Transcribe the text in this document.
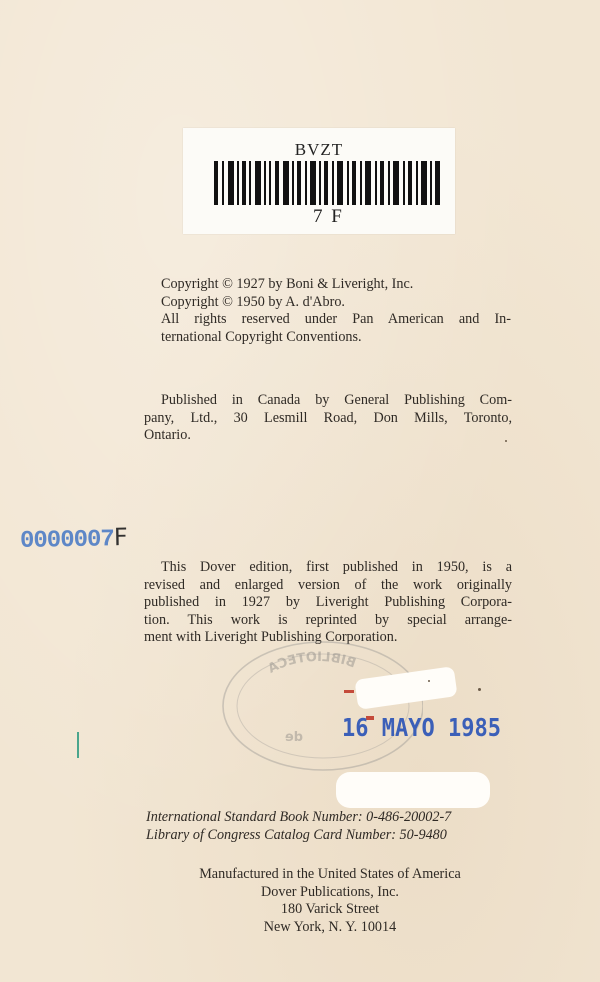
BVZT
7 F

Copyright © 1927 by Boni & Liveright, Inc.

Copyright © 1950 by A. d'Abro.

All rights reserved under Pan American and In-

ternational Copyright Conventions.

Published in Canada by General Publishing Com-

pany, Ltd., 30 Lesmill Road, Don Mills, Toronto,

Ontario.

0000007F

This Dover edition, first published in 1950, is a

revised and enlarged version of the work originally

published in 1927 by Liveright Publishing Corpora-

tion. This work is reprinted by special arrange-

ment with Liveright Publishing Corporation.

BIBLIOTECA
de 16 MAYO 1985

International Standard Book Number: 0-486-20002-7

Library of Congress Catalog Card Number: 50-9480

Manufactured in the United States of America

Dover Publications, Inc.

180 Varick Street

New York, N. Y. 10014
